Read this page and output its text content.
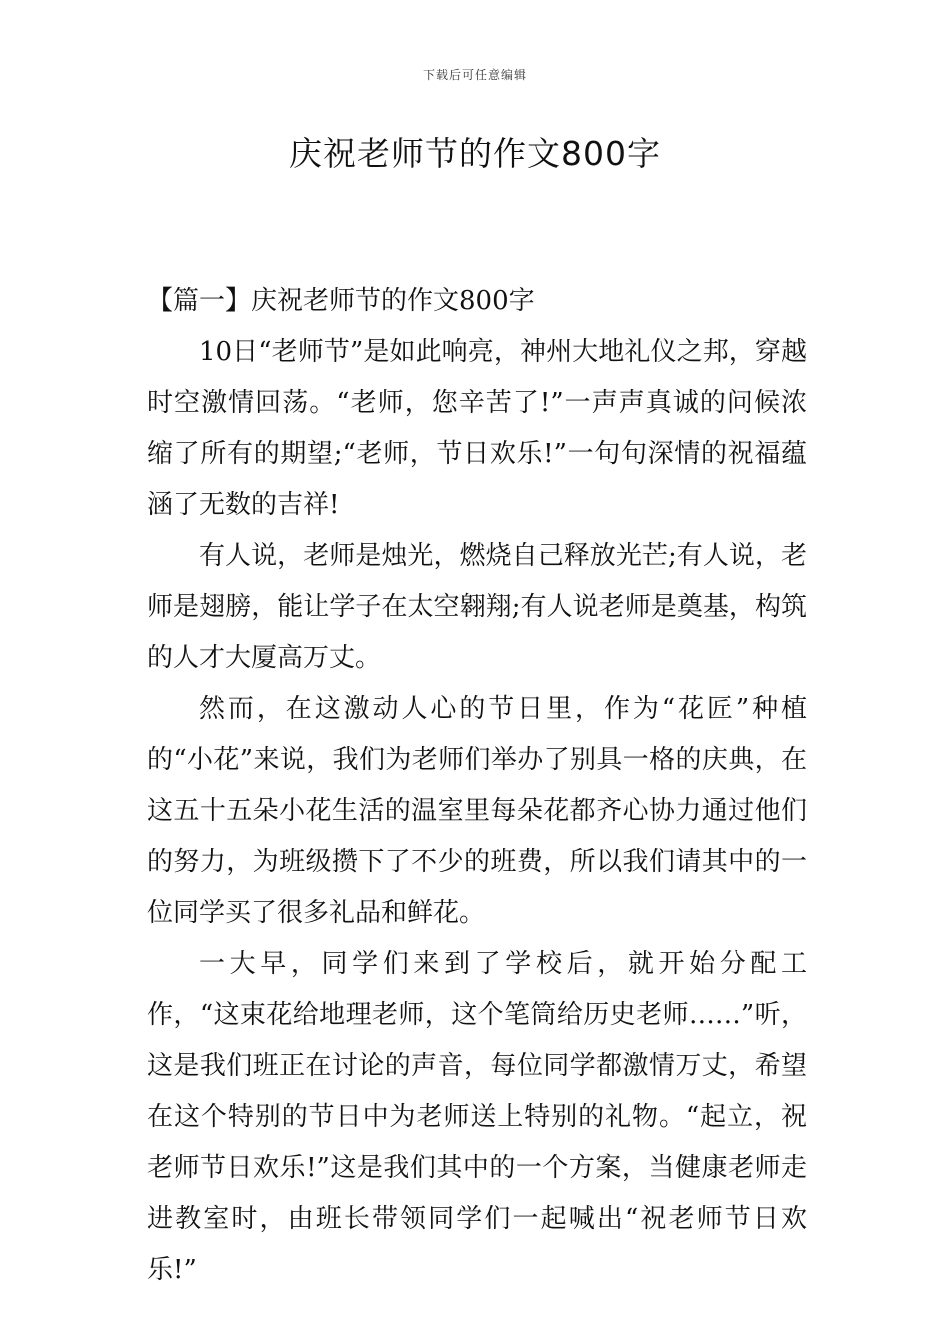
下载后可任意编辑
庆祝老师节的作文800字

【篇一】庆祝老师节的作文800字

10日“老师节”是如此响亮，神州大地礼仪之邦，穿越时空激情回荡。“老师，您辛苦了!”一声声真诚的问候浓缩了所有的期望;“老师，节日欢乐!”一句句深情的祝福蕴涵了无数的吉祥!

有人说，老师是烛光，燃烧自己释放光芒;有人说，老师是翅膀，能让学子在太空翱翔;有人说老师是奠基，构筑的人才大厦高万丈。

然而，在这激动人心的节日里，作为“花匠”种植的“小花”来说，我们为老师们举办了别具一格的庆典，在这五十五朵小花生活的温室里每朵花都齐心协力通过他们的努力，为班级攒下了不少的班费，所以我们请其中的一位同学买了很多礼品和鲜花。

一大早，同学们来到了学校后，就开始分配工作，“这束花给地理老师，这个笔筒给历史老师……”听，这是我们班正在讨论的声音，每位同学都激情万丈，希望在这个特别的节日中为老师送上特别的礼物。“起立，祝老师节日欢乐!”这是我们其中的一个方案，当健康老师走进教室时，由班长带领同学们一起喊出“祝老师节日欢乐!”
